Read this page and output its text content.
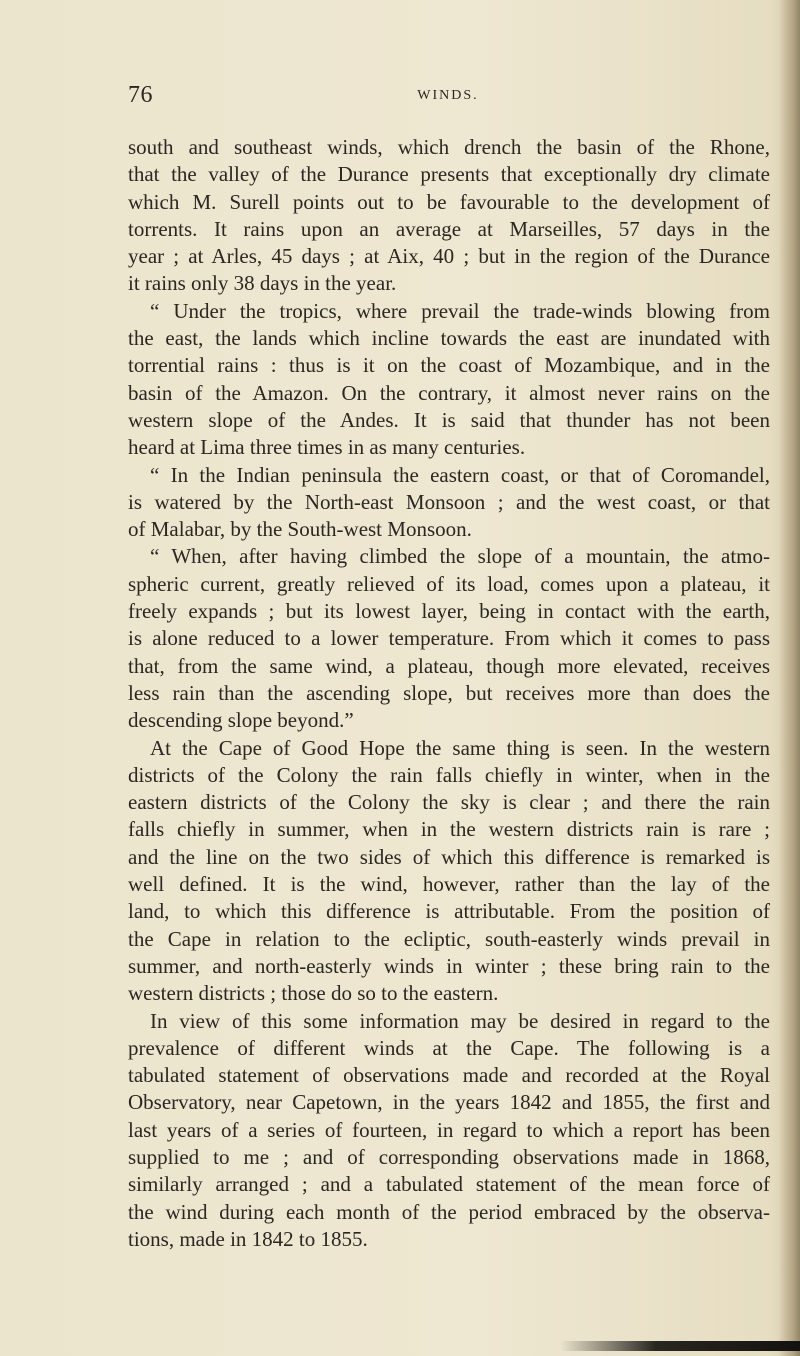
76	WINDS.
south and southeast winds, which drench the basin of the Rhone,
that the valley of the Durance presents that exceptionally dry climate
which M. Surell points out to be favourable to the development of
torrents. It rains upon an average at Marseilles, 57 days in the
year ; at Arles, 45 days ; at Aix, 40 ; but in the region of the Durance
it rains only 38 days in the year.
“ Under the tropics, where prevail the trade-winds blowing from
the east, the lands which incline towards the east are inundated with
torrential rains : thus is it on the coast of Mozambique, and in the
basin of the Amazon. On the contrary, it almost never rains on the
western slope of the Andes. It is said that thunder has not been
heard at Lima three times in as many centuries.
“ In the Indian peninsula the eastern coast, or that of Coromandel,
is watered by the North-east Monsoon ; and the west coast, or that
of Malabar, by the South-west Monsoon.
“ When, after having climbed the slope of a mountain, the atmo-
spheric current, greatly relieved of its load, comes upon a plateau, it
freely expands ; but its lowest layer, being in contact with the earth,
is alone reduced to a lower temperature. From which it comes to pass
that, from the same wind, a plateau, though more elevated, receives
less rain than the ascending slope, but receives more than does the
descending slope beyond.”
At the Cape of Good Hope the same thing is seen. In the western
districts of the Colony the rain falls chiefly in winter, when in the
eastern districts of the Colony the sky is clear ; and there the rain
falls chiefly in summer, when in the western districts rain is rare ;
and the line on the two sides of which this difference is remarked is
well defined. It is the wind, however, rather than the lay of the
land, to which this difference is attributable. From the position of
the Cape in relation to the ecliptic, south-easterly winds prevail in
summer, and north-easterly winds in winter ; these bring rain to the
western districts ; those do so to the eastern.
In view of this some information may be desired in regard to the
prevalence of different winds at the Cape. The following is a
tabulated statement of observations made and recorded at the Royal
Observatory, near Capetown, in the years 1842 and 1855, the first and
last years of a series of fourteen, in regard to which a report has been
supplied to me ; and of corresponding observations made in 1868,
similarly arranged ; and a tabulated statement of the mean force of
the wind during each month of the period embraced by the observa-
tions, made in 1842 to 1855.
